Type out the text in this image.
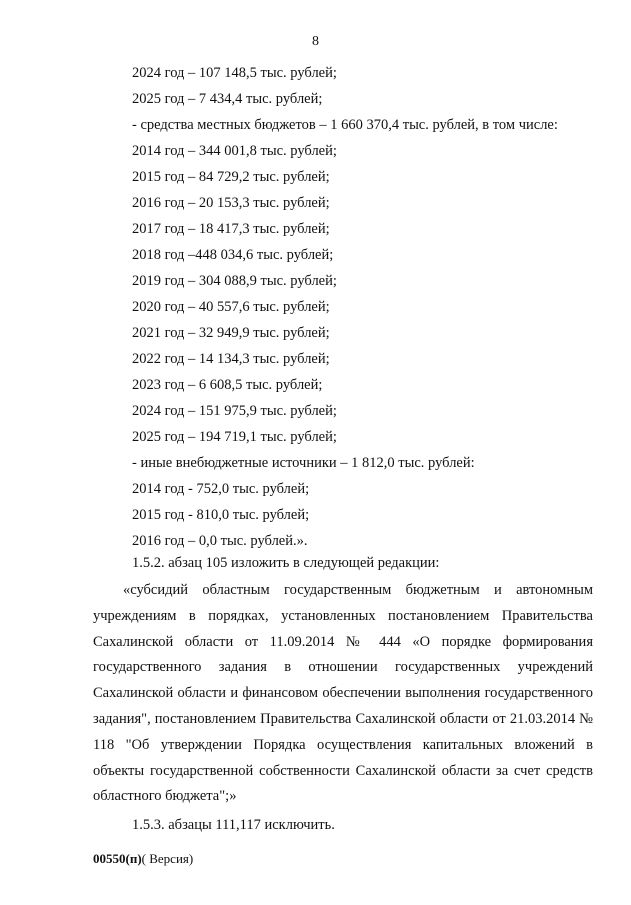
8
2024 год – 107 148,5 тыс. рублей;
2025 год – 7 434,4 тыс. рублей;
- средства местных бюджетов – 1 660 370,4 тыс. рублей, в том числе:
2014 год – 344 001,8 тыс. рублей;
2015 год – 84 729,2 тыс. рублей;
2016 год – 20 153,3 тыс. рублей;
2017 год – 18 417,3 тыс. рублей;
2018 год –448 034,6 тыс. рублей;
2019 год – 304 088,9 тыс. рублей;
2020 год – 40 557,6 тыс. рублей;
2021 год – 32 949,9 тыс. рублей;
2022 год – 14 134,3 тыс. рублей;
2023 год – 6 608,5 тыс. рублей;
2024 год – 151 975,9 тыс. рублей;
2025 год – 194 719,1 тыс. рублей;
- иные внебюджетные источники – 1 812,0 тыс. рублей:
2014 год - 752,0 тыс. рублей;
2015 год - 810,0 тыс. рублей;
2016 год – 0,0 тыс. рублей.».
1.5.2. абзац 105 изложить в следующей редакции:
«субсидий областным государственным бюджетным и автономным учреждениям в порядках, установленных постановлением Правительства Сахалинской области от 11.09.2014 № 444 «О порядке формирования государственного задания в отношении государственных учреждений Сахалинской области и финансовом обеспечении выполнения государственного задания", постановлением Правительства Сахалинской области от 21.03.2014 № 118 "Об утверждении Порядка осуществления капитальных вложений в объекты государственной собственности Сахалинской области за счет средств областного бюджета";»
1.5.3. абзацы 111,117 исключить.
00550(п)( Версия)
